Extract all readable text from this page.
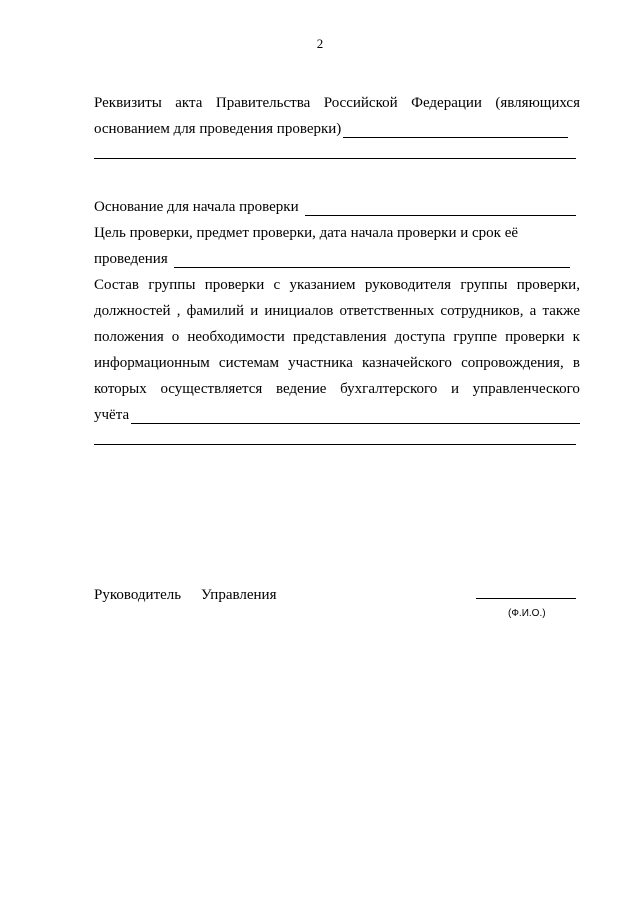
2
Реквизиты акта Правительства Российской Федерации (являющихся
основанием для проведения проверки)
Основание для начала проверки
Цель проверки, предмет проверки, дата начала проверки и срок её
проведения
Состав группы проверки с указанием руководителя группы проверки,
должностей , фамилий и инициалов ответственных сотрудников, а также
положения о необходимости представления доступа группе проверки к
информационным системам участника казначейского сопровождения, в
которых осуществляется ведение бухгалтерского и управленческого
учёта
Руководитель Управления
(Ф.И.О.)
